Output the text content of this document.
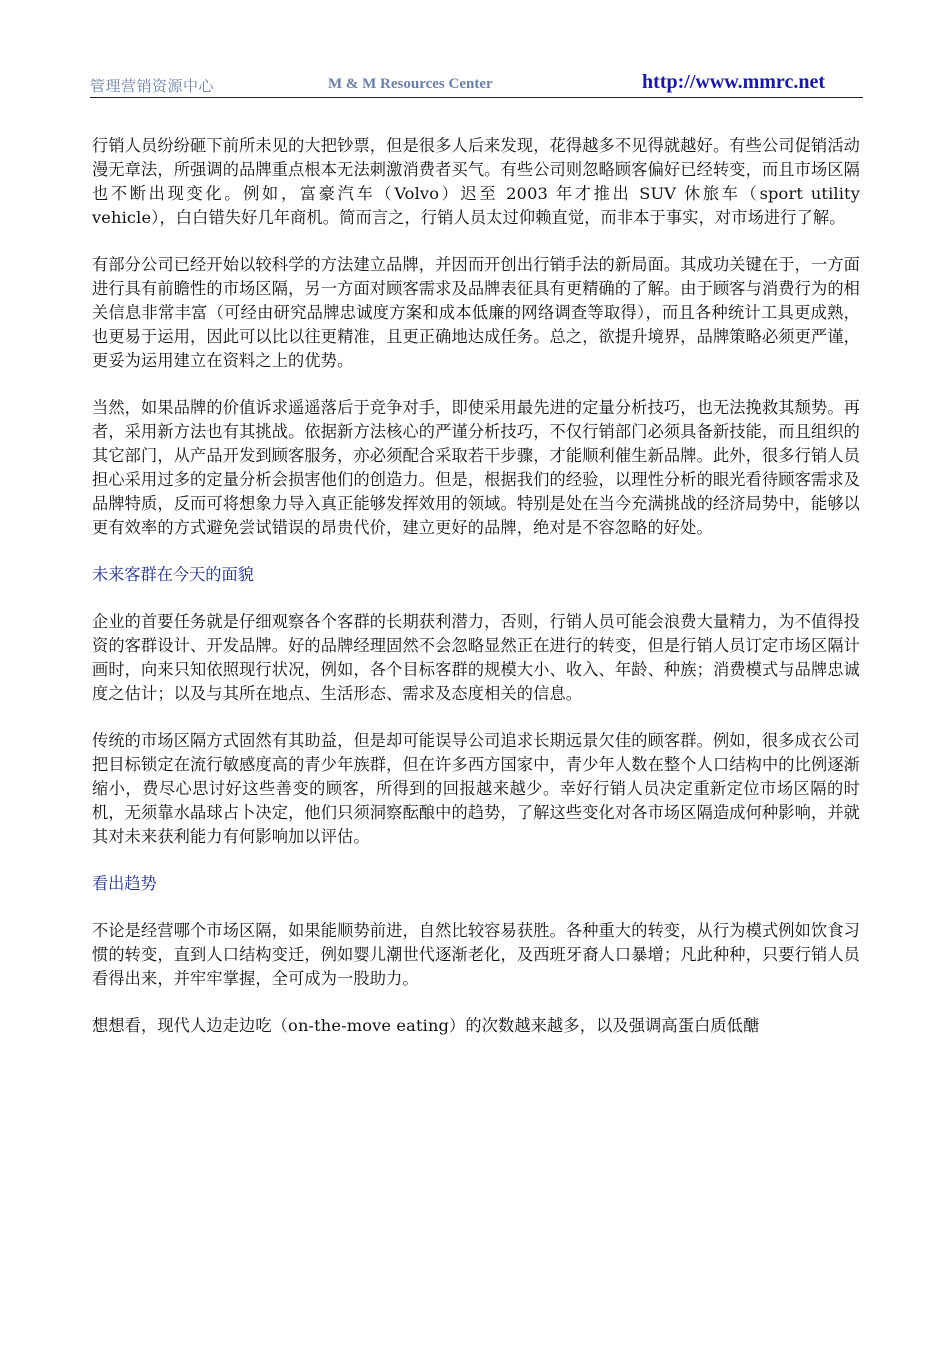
管理营销资源中心	M & M Resources Center	http://www.mmrc.net

行销人员纷纷砸下前所未见的大把钞票，但是很多人后来发现，花得越多不见得就越好。有些公司促销活动漫无章法，所强调的品牌重点根本无法刺激消费者买气。有些公司则忽略顾客偏好已经转变，而且市场区隔也不断出现变化。例如，富豪汽车（Volvo）迟至 2003 年才推出 SUV 休旅车（sport utility vehicle），白白错失好几年商机。简而言之，行销人员太过仰赖直觉，而非本于事实，对市场进行了解。

有部分公司已经开始以较科学的方法建立品牌，并因而开创出行销手法的新局面。其成功关键在于，一方面进行具有前瞻性的市场区隔，另一方面对顾客需求及品牌表征具有更精确的了解。由于顾客与消费行为的相关信息非常丰富（可经由研究品牌忠诚度方案和成本低廉的网络调查等取得），而且各种统计工具更成熟，也更易于运用，因此可以比以往更精准，且更正确地达成任务。总之，欲提升境界，品牌策略必须更严谨，更妥为运用建立在资料之上的优势。

当然，如果品牌的价值诉求遥遥落后于竞争对手，即使采用最先进的定量分析技巧，也无法挽救其颓势。再者，采用新方法也有其挑战。依据新方法核心的严谨分析技巧，不仅行销部门必须具备新技能，而且组织的其它部门，从产品开发到顾客服务，亦必须配合采取若干步骤，才能顺利催生新品牌。此外，很多行销人员担心采用过多的定量分析会损害他们的创造力。但是，根据我们的经验，以理性分析的眼光看待顾客需求及品牌特质，反而可将想象力导入真正能够发挥效用的领域。特别是处在当今充满挑战的经济局势中，能够以更有效率的方式避免尝试错误的昂贵代价，建立更好的品牌，绝对是不容忽略的好处。

未来客群在今天的面貌

企业的首要任务就是仔细观察各个客群的长期获利潜力，否则，行销人员可能会浪费大量精力，为不值得投资的客群设计、开发品牌。好的品牌经理固然不会忽略显然正在进行的转变，但是行销人员订定市场区隔计画时，向来只知依照现行状况，例如，各个目标客群的规模大小、收入、年龄、种族；消费模式与品牌忠诚度之估计；以及与其所在地点、生活形态、需求及态度相关的信息。

传统的市场区隔方式固然有其助益，但是却可能误导公司追求长期远景欠佳的顾客群。例如，很多成衣公司把目标锁定在流行敏感度高的青少年族群，但在许多西方国家中，青少年人数在整个人口结构中的比例逐渐缩小，费尽心思讨好这些善变的顾客，所得到的回报越来越少。幸好行销人员决定重新定位市场区隔的时机，无须靠水晶球占卜决定，他们只须洞察酝酿中的趋势，了解这些变化对各市场区隔造成何种影响，并就其对未来获利能力有何影响加以评估。

看出趋势

不论是经营哪个市场区隔，如果能顺势前进，自然比较容易获胜。各种重大的转变，从行为模式例如饮食习惯的转变，直到人口结构变迁，例如婴儿潮世代逐渐老化，及西班牙裔人口暴增；凡此种种，只要行销人员看得出来，并牢牢掌握，全可成为一股助力。

想想看，现代人边走边吃（on-the-move eating）的次数越来越多，以及强调高蛋白质低醣
